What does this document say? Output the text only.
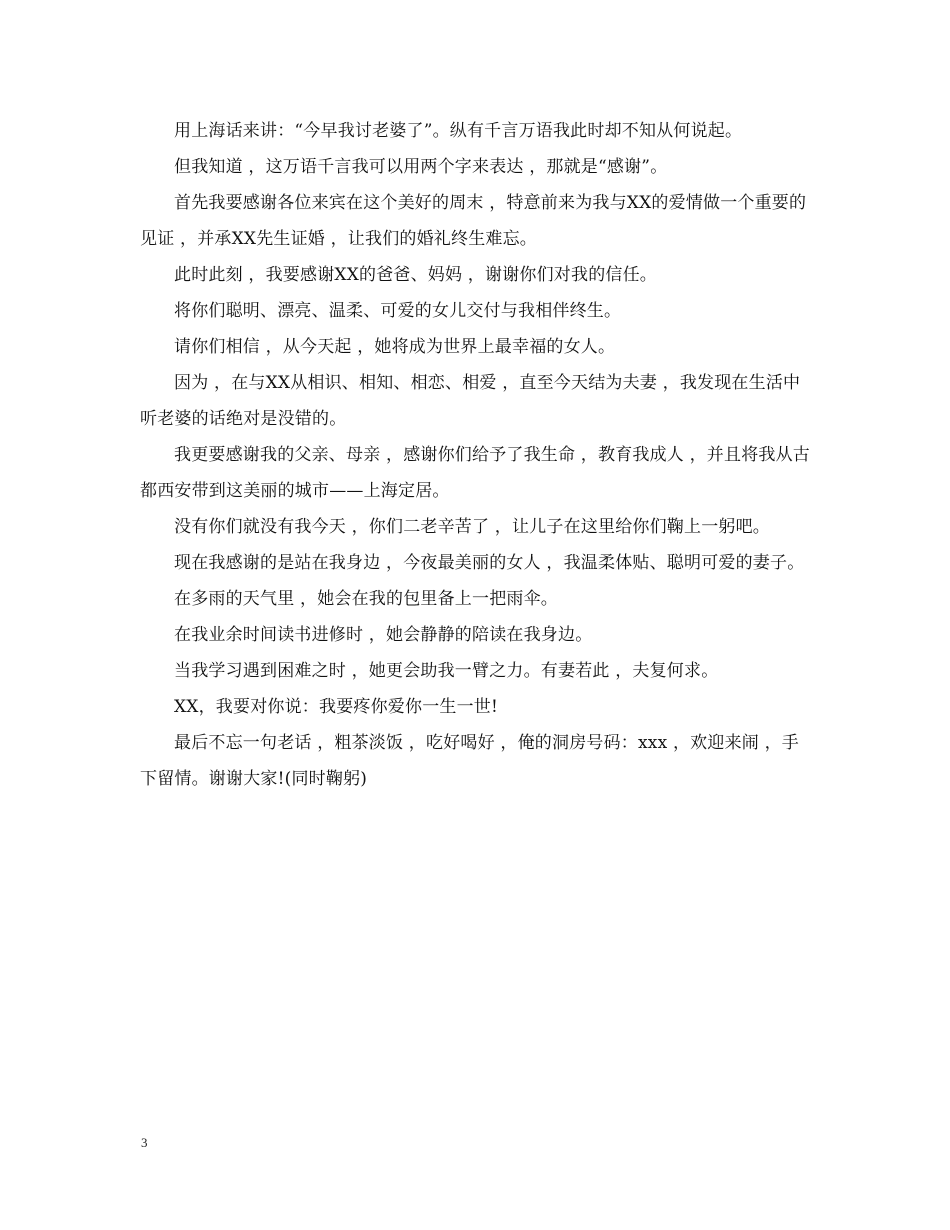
用上海话来讲：“今早我讨老婆了”。纵有千言万语我此时却不知从何说起。

但我知道 ，这万语千言我可以用两个字来表达 ，那就是“感谢”。

首先我要感谢各位来宾在这个美好的周末 ，特意前来为我与XX的爱情做一个重要的见证 ，并承XX先生证婚 ，让我们的婚礼终生难忘。

此时此刻 ，我要感谢XX的爸爸、妈妈 ，谢谢你们对我的信任。

将你们聪明、漂亮、温柔、可爱的女儿交付与我相伴终生。

请你们相信 ，从今天起 ，她将成为世界上最幸福的女人。

因为 ，在与XX从相识、相知、相恋、相爱 ，直至今天结为夫妻 ，我发现在生活中听老婆的话绝对是没错的。

我更要感谢我的父亲、母亲 ，感谢你们给予了我生命 ，教育我成人 ，并且将我从古都西安带到这美丽的城市——上海定居。

没有你们就没有我今天 ，你们二老辛苦了 ，让儿子在这里给你们鞠上一躬吧。

现在我感谢的是站在我身边 ，今夜最美丽的女人 ，我温柔体贴、聪明可爱的妻子。

在多雨的天气里 ，她会在我的包里备上一把雨伞。

在我业余时间读书进修时 ，她会静静的陪读在我身边。

当我学习遇到困难之时 ，她更会助我一臂之力。有妻若此 ，夫复何求。

XX，我要对你说：我要疼你爱你一生一世!

最后不忘一句老话 ，粗茶淡饭 ，吃好喝好 ，俺的洞房号码：xxx ，欢迎来闹 ，手下留情。谢谢大家!(同时鞠躬)

3
